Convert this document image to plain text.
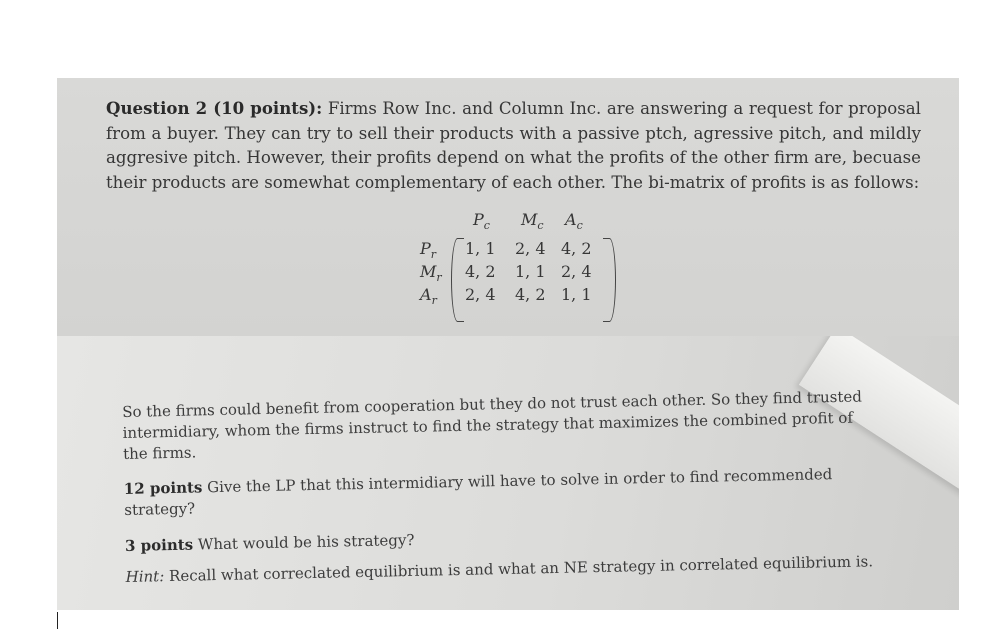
Question 2 (10 points): Firms Row Inc. and Column Inc. are answering a request for proposal from a buyer. They can try to sell their products with a passive ptch, agressive pitch, and mildly aggresive pitch. However, their profits depend on what the profits of the other firm are, becuase their products are somewhat complementary of each other. The bi-matrix of profits is as follows:
$P_c$ $M_c$ $A_c$
$P_r$
$M_r$
$A_r$
1, 1 2, 4 4, 2
4, 2 1, 1 2, 4
2, 4 4, 2 1, 1

So the firms could benefit from cooperation but they do not trust each other. So they find trusted intermidiary, whom the firms instruct to find the strategy that maximizes the combined profit of the firms.

12 points Give the LP that this intermidiary will have to solve in order to find recommended strategy?

3 points What would be his strategy?

Hint: Recall what correclated equilibrium is and what an NE strategy in correlated equilibrium is.
